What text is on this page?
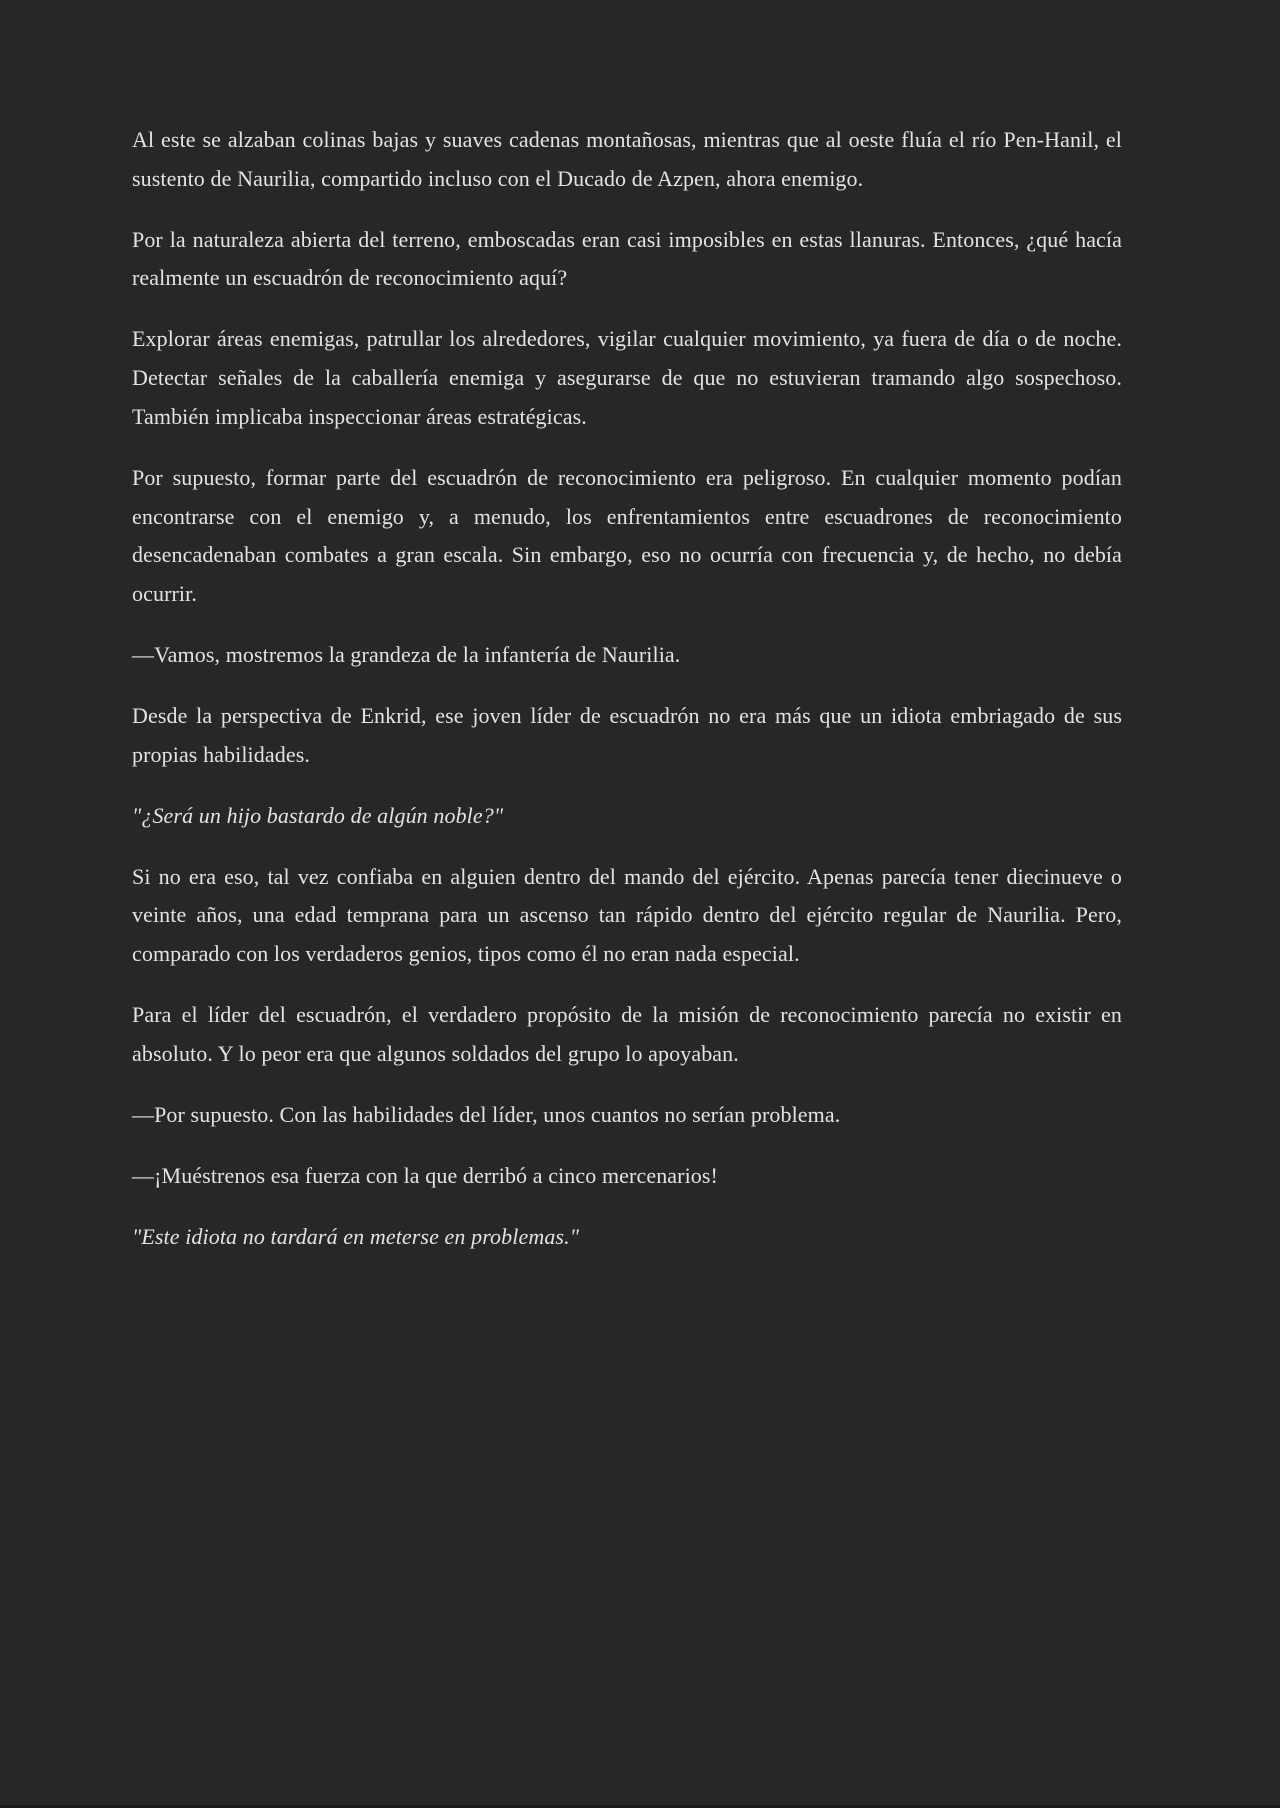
Al este se alzaban colinas bajas y suaves cadenas montañosas, mientras que al oeste fluía el río Pen-Hanil, el sustento de Naurilia, compartido incluso con el Ducado de Azpen, ahora enemigo.

Por la naturaleza abierta del terreno, emboscadas eran casi imposibles en estas llanuras. Entonces, ¿qué hacía realmente un escuadrón de reconocimiento aquí?

Explorar áreas enemigas, patrullar los alrededores, vigilar cualquier movimiento, ya fuera de día o de noche. Detectar señales de la caballería enemiga y asegurarse de que no estuvieran tramando algo sospechoso. También implicaba inspeccionar áreas estratégicas.

Por supuesto, formar parte del escuadrón de reconocimiento era peligroso. En cualquier momento podían encontrarse con el enemigo y, a menudo, los enfrentamientos entre escuadrones de reconocimiento desencadenaban combates a gran escala. Sin embargo, eso no ocurría con frecuencia y, de hecho, no debía ocurrir.

—Vamos, mostremos la grandeza de la infantería de Naurilia.

Desde la perspectiva de Enkrid, ese joven líder de escuadrón no era más que un idiota embriagado de sus propias habilidades.

"¿Será un hijo bastardo de algún noble?"

Si no era eso, tal vez confiaba en alguien dentro del mando del ejército. Apenas parecía tener diecinueve o veinte años, una edad temprana para un ascenso tan rápido dentro del ejército regular de Naurilia. Pero, comparado con los verdaderos genios, tipos como él no eran nada especial.

Para el líder del escuadrón, el verdadero propósito de la misión de reconocimiento parecía no existir en absoluto. Y lo peor era que algunos soldados del grupo lo apoyaban.

—Por supuesto. Con las habilidades del líder, unos cuantos no serían problema.

—¡Muéstrenos esa fuerza con la que derribó a cinco mercenarios!

"Este idiota no tardará en meterse en problemas."
